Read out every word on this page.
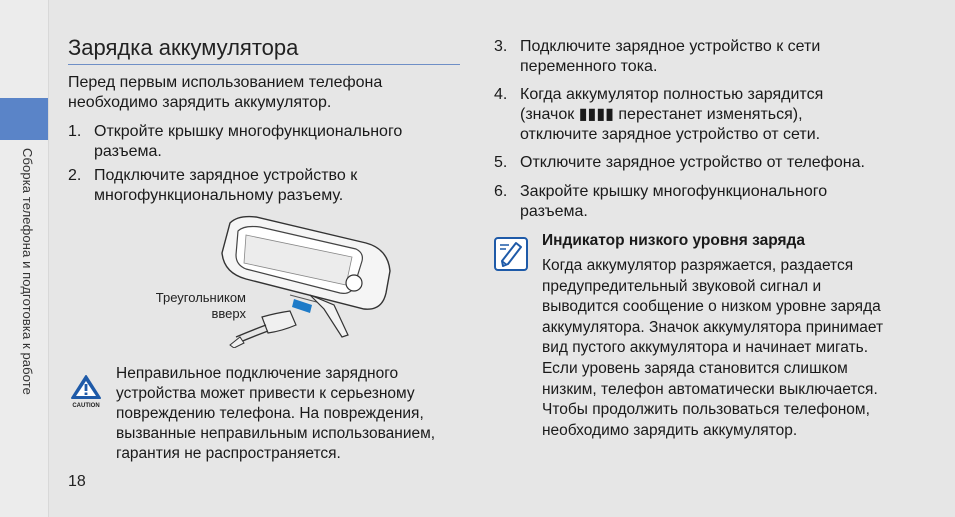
Сборка телефона и подготовка к работе
Зарядка аккумулятора

Перед первым использованием телефона необходимо зарядить аккумулятор.

1. Откройте крышку многофункционального разъема.
2. Подключите зарядное устройство к многофункциональному разъему.
Треугольником вверх
CAUTION
Неправильное подключение зарядного устройства может привести к серьезному повреждению телефона. На повреждения, вызванные неправильным использованием, гарантия не распространяется.
3. Подключите зарядное устройство к сети переменного тока.
4. Когда аккумулятор полностью зарядится (значок ▮▮▮▮ перестанет изменяться), отключите зарядное устройство от сети.
5. Отключите зарядное устройство от телефона.
6. Закройте крышку многофункционального разъема.
Индикатор низкого уровня заряда
Когда аккумулятор разряжается, раздается предупредительный звуковой сигнал и выводится сообщение о низком уровне заряда аккумулятора. Значок аккумулятора принимает вид пустого аккумулятора и начинает мигать. Если уровень заряда становится слишком низким, телефон автоматически выключается. Чтобы продолжить пользоваться телефоном, необходимо зарядить аккумулятор.
18
